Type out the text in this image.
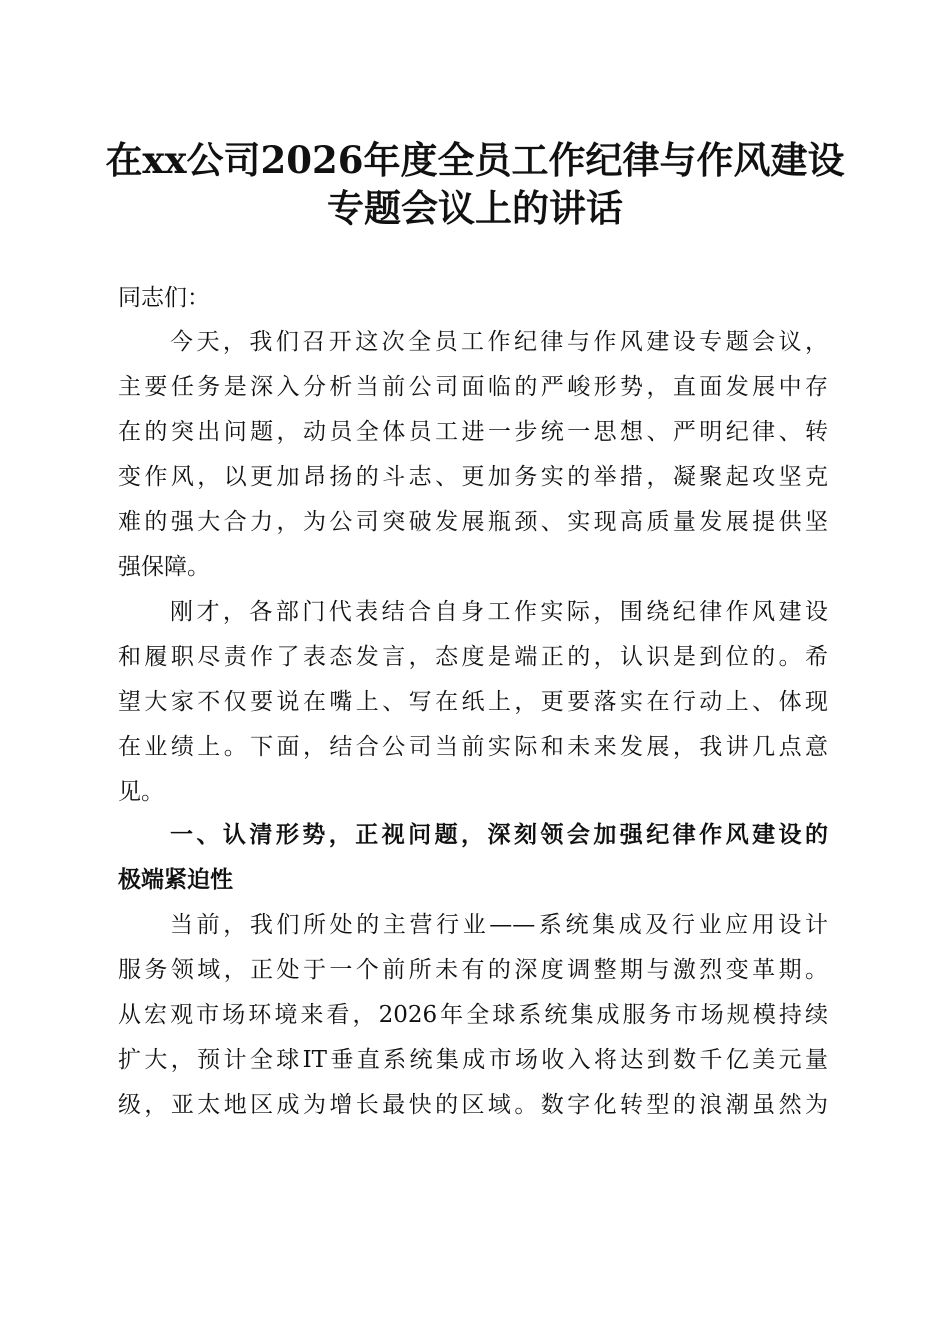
在xx公司2026年度全员工作纪律与作风建设
专题会议上的讲话
同志们：
今天，我们召开这次全员工作纪律与作风建设专题会议，
主要任务是深入分析当前公司面临的严峻形势，直面发展中存
在的突出问题，动员全体员工进一步统一思想、严明纪律、转
变作风，以更加昂扬的斗志、更加务实的举措，凝聚起攻坚克
难的强大合力，为公司突破发展瓶颈、实现高质量发展提供坚
强保障。
刚才，各部门代表结合自身工作实际，围绕纪律作风建设
和履职尽责作了表态发言，态度是端正的，认识是到位的。希
望大家不仅要说在嘴上、写在纸上，更要落实在行动上、体现
在业绩上。下面，结合公司当前实际和未来发展，我讲几点意
见。
一、认清形势，正视问题，深刻领会加强纪律作风建设的
极端紧迫性
当前，我们所处的主营行业——系统集成及行业应用设计
服务领域，正处于一个前所未有的深度调整期与激烈变革期。
从宏观市场环境来看，2026年全球系统集成服务市场规模持续
扩大，预计全球IT垂直系统集成市场收入将达到数千亿美元量
级，亚太地区成为增长最快的区域。数字化转型的浪潮虽然为
